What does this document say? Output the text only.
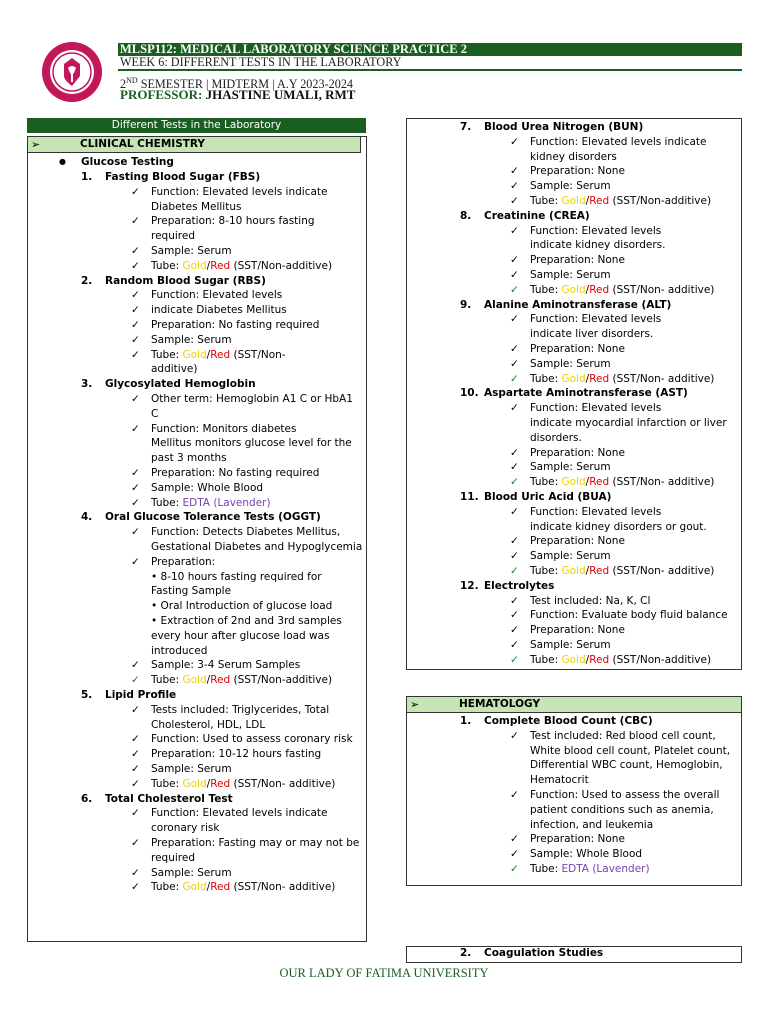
MLSP112: MEDICAL LABORATORY SCIENCE PRACTICE 2
WEEK 6: DIFFERENT TESTS IN THE LABORATORY
2ND SEMESTER | MIDTERM | A.Y 2023-2024
PROFESSOR: JHASTINE UMALI, RMT
Different Tests in the Laboratory
➢	CLINICAL CHEMISTRY
● Glucose Testing
1. Fasting Blood Sugar (FBS)
✓ Function: Elevated levels indicate
Diabetes Mellitus
✓ Preparation: 8-10 hours fasting
required
✓ Sample: Serum
✓ Tube: Gold/Red (SST/Non-additive)
2. Random Blood Sugar (RBS)
✓ Function: Elevated levels
✓ indicate Diabetes Mellitus
✓ Preparation: No fasting required
✓ Sample: Serum
✓ Tube: Gold/Red (SST/Non-
additive)
3. Glycosylated Hemoglobin
✓ Other term: Hemoglobin A1 C or HbA1
C
✓ Function: Monitors diabetes
Mellitus monitors glucose level for the
past 3 months
✓ Preparation: No fasting required
✓ Sample: Whole Blood
✓ Tube: EDTA (Lavender)
4. Oral Glucose Tolerance Tests (OGGT)
✓ Function: Detects Diabetes Mellitus,
Gestational Diabetes and Hypoglycemia
✓ Preparation:
• 8-10 hours fasting required for
Fasting Sample
• Oral Introduction of glucose load
• Extraction of 2nd and 3rd samples
every hour after glucose load was
introduced
✓ Sample: 3-4 Serum Samples
✓ Tube: Gold/Red (SST/Non-additive)
5. Lipid Profile
✓ Tests included: Triglycerides, Total
Cholesterol, HDL, LDL
✓ Function: Used to assess coronary risk
✓ Preparation: 10-12 hours fasting
✓ Sample: Serum
✓ Tube: Gold/Red (SST/Non- additive)
6. Total Cholesterol Test
✓ Function: Elevated levels indicate
coronary risk
✓ Preparation: Fasting may or may not be
required
✓ Sample: Serum
✓ Tube: Gold/Red (SST/Non- additive)
7. Blood Urea Nitrogen (BUN)
✓ Function: Elevated levels indicate
kidney disorders
✓ Preparation: None
✓ Sample: Serum
✓ Tube: Gold/Red (SST/Non-additive)
8. Creatinine (CREA)
✓ Function: Elevated levels
indicate kidney disorders.
✓ Preparation: None
✓ Sample: Serum
✓ Tube: Gold/Red (SST/Non- additive)
9. Alanine Aminotransferase (ALT)
✓ Function: Elevated levels
indicate liver disorders.
✓ Preparation: None
✓ Sample: Serum
✓ Tube: Gold/Red (SST/Non- additive)
10. Aspartate Aminotransferase (AST)
✓ Function: Elevated levels
indicate myocardial infarction or liver
disorders.
✓ Preparation: None
✓ Sample: Serum
✓ Tube: Gold/Red (SST/Non- additive)
11. Blood Uric Acid (BUA)
✓ Function: Elevated levels
indicate kidney disorders or gout.
✓ Preparation: None
✓ Sample: Serum
✓ Tube: Gold/Red (SST/Non- additive)
12. Electrolytes
✓ Test included: Na, K, Cl
✓ Function: Evaluate body fluid balance
✓ Preparation: None
✓ Sample: Serum
✓ Tube: Gold/Red (SST/Non-additive)
➢	HEMATOLOGY
1. Complete Blood Count (CBC)
✓ Test included: Red blood cell count,
White blood cell count, Platelet count,
Differential WBC count, Hemoglobin,
Hematocrit
✓ Function: Used to assess the overall
patient conditions such as anemia,
infection, and leukemia
✓ Preparation: None
✓ Sample: Whole Blood
✓ Tube: EDTA (Lavender)
2. Coagulation Studies
OUR LADY OF FATIMA UNIVERSITY
